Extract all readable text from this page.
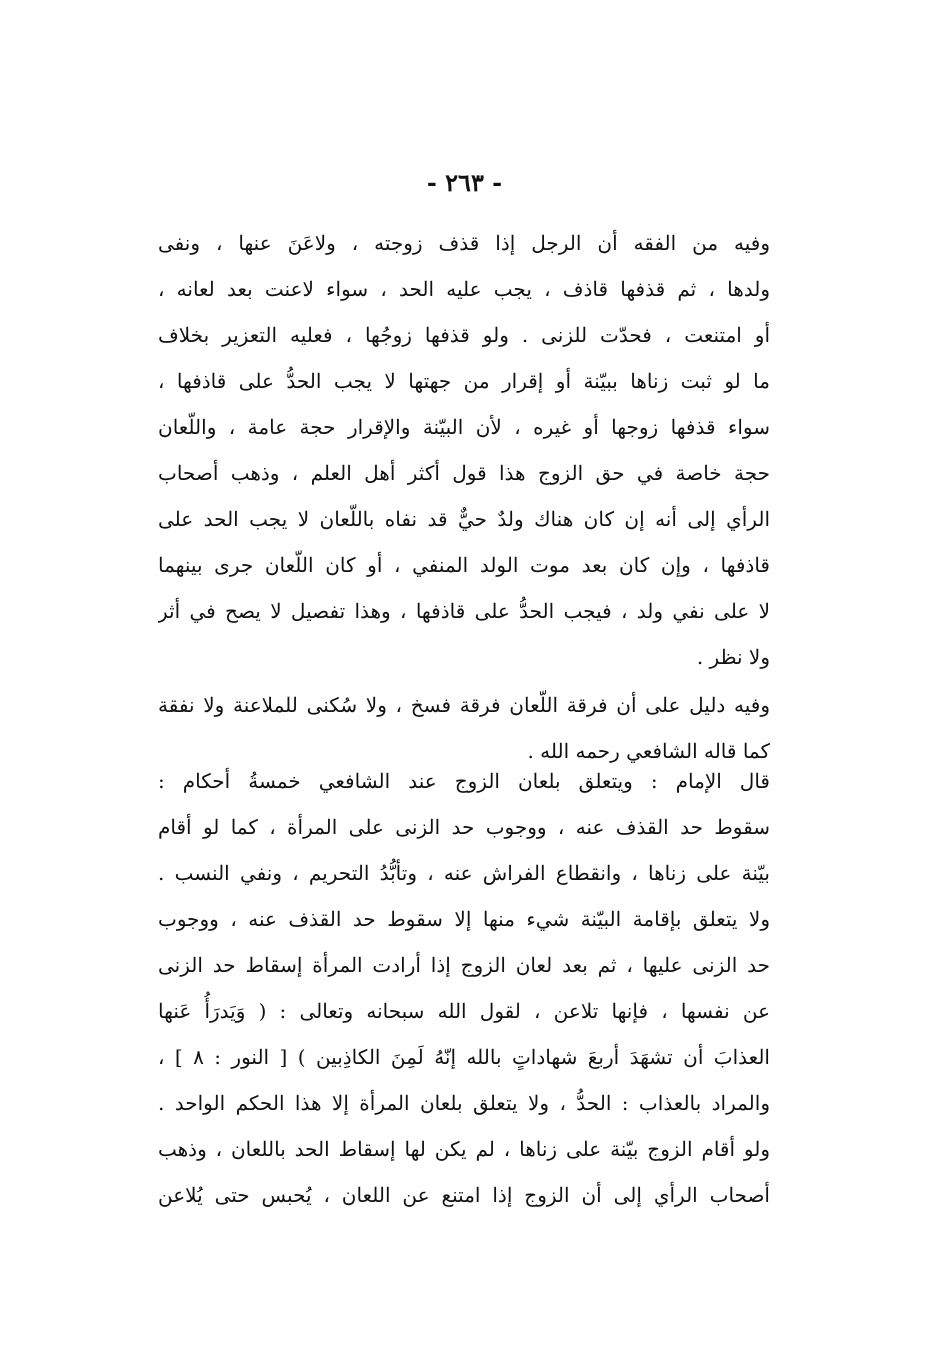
- ٢٦٣ -
وفيه من الفقه أن الرجل إذا قذف زوجته ، ولاعَنَ عنها ، ونفى
ولدها ، ثم قذفها قاذف ، يجب عليه الحد ، سواء لاعنت بعد لعانه ،
أو امتنعت ، فحدّت للزنى . ولو قذفها زوجُها ، فعليه التعزير بخلاف
ما لو ثبت زناها ببيّنة أو إقرار من جهتها لا يجب الحدُّ على قاذفها ،
سواء قذفها زوجها أو غيره ، لأن البيّنة والإقرار حجة عامة ، واللّعان
حجة خاصة في حق الزوج هذا قول أكثر أهل العلم ، وذهب أصحاب
الرأي إلى أنه إن كان هناك ولدٌ حيٌّ قد نفاه باللّعان لا يجب الحد على
قاذفها ، وإن كان بعد موت الولد المنفي ، أو كان اللّعان جرى بينهما
لا على نفي ولد ، فيجب الحدُّ على قاذفها ، وهذا تفصيل لا يصح في أثر
ولا نظر .
وفيه دليل على أن فرقة اللّعان فرقة فسخ ، ولا سُكنى للملاعنة ولا نفقة
كما قاله الشافعي رحمه الله .
قال الإمام : ويتعلق بلعان الزوج عند الشافعي خمسةُ أحكام :
سقوط حد القذف عنه ، ووجوب حد الزنى على المرأة ، كما لو أقام
بيّنة على زناها ، وانقطاع الفراش عنه ، وتأبُّدُ التحريم ، ونفي النسب .
ولا يتعلق بإقامة البيّنة شيء منها إلا سقوط حد القذف عنه ، ووجوب
حد الزنى عليها ، ثم بعد لعان الزوج إذا أرادت المرأة إسقاط حد الزنى
عن نفسها ، فإنها تلاعن ، لقول الله سبحانه وتعالى : ( وَيَدرَأُ عَنها
العذابَ أن تشهَدَ أربعَ شهاداتٍ بالله إنّهُ لَمِنَ الكاذِبين ) [ النور : ٨ ] ،
والمراد بالعذاب : الحدُّ ، ولا يتعلق بلعان المرأة إلا هذا الحكم الواحد .
ولو أقام الزوج بيّنة على زناها ، لم يكن لها إسقاط الحد باللعان ، وذهب
أصحاب الرأي إلى أن الزوج إذا امتنع عن اللعان ، يُحبس حتى يُلاعن
